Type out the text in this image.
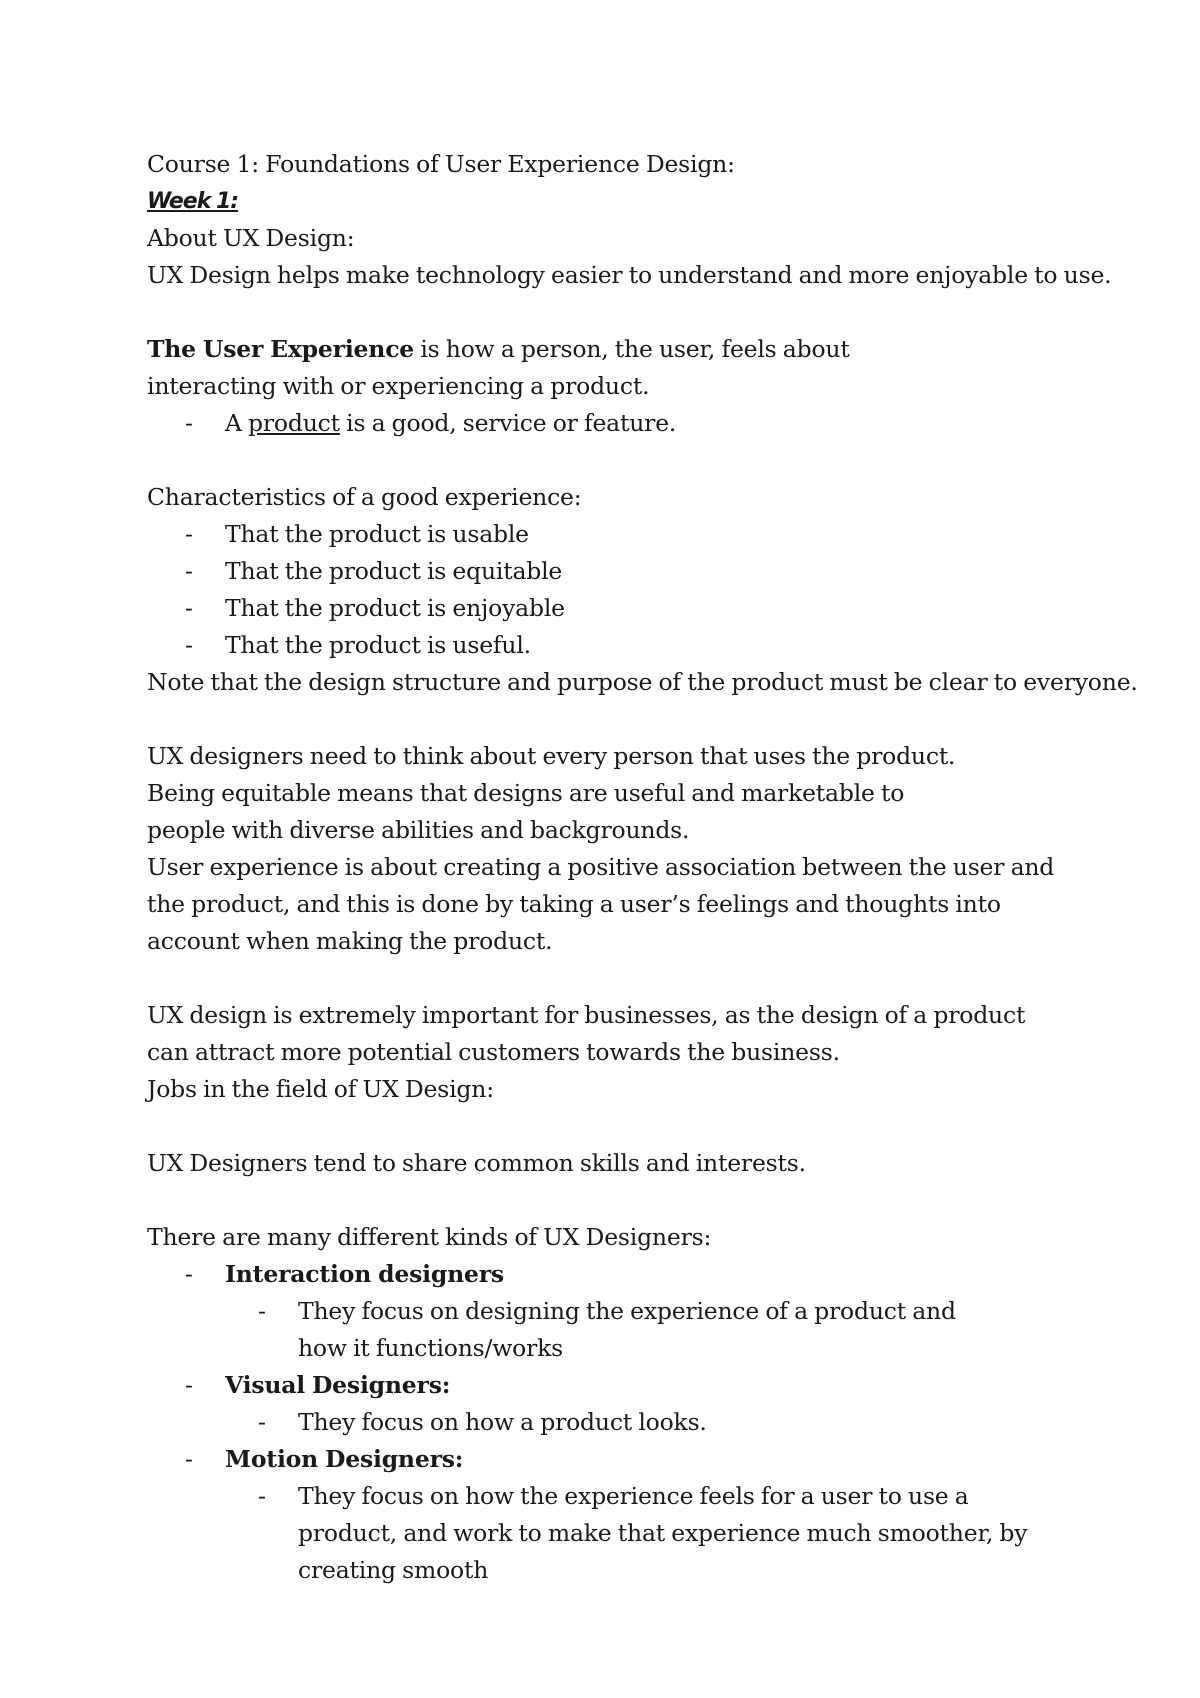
Course 1: Foundations of User Experience Design:
Week 1:
About UX Design:
UX Design helps make technology easier to understand and more enjoyable to use.
The User Experience is how a person, the user, feels about interacting with or experiencing a product.
-	A product is a good, service or feature.
Characteristics of a good experience:
-	That the product is usable
-	That the product is equitable
-	That the product is enjoyable
-	That the product is useful.
Note that the design structure and purpose of the product must be clear to everyone.
UX designers need to think about every person that uses the product. Being equitable means that designs are useful and marketable to people with diverse abilities and backgrounds.
User experience is about creating a positive association between the user and the product, and this is done by taking a user’s feelings and thoughts into account when making the product.
UX design is extremely important for businesses, as the design of a product can attract more potential customers towards the business.
Jobs in the field of UX Design:
UX Designers tend to share common skills and interests.
There are many different kinds of UX Designers:
-	Interaction designers
-	They focus on designing the experience of a product and how it functions/works
-	Visual Designers:
-	They focus on how a product looks.
-	Motion Designers:
-	They focus on how the experience feels for a user to use a product, and work to make that experience much smoother, by creating smooth
